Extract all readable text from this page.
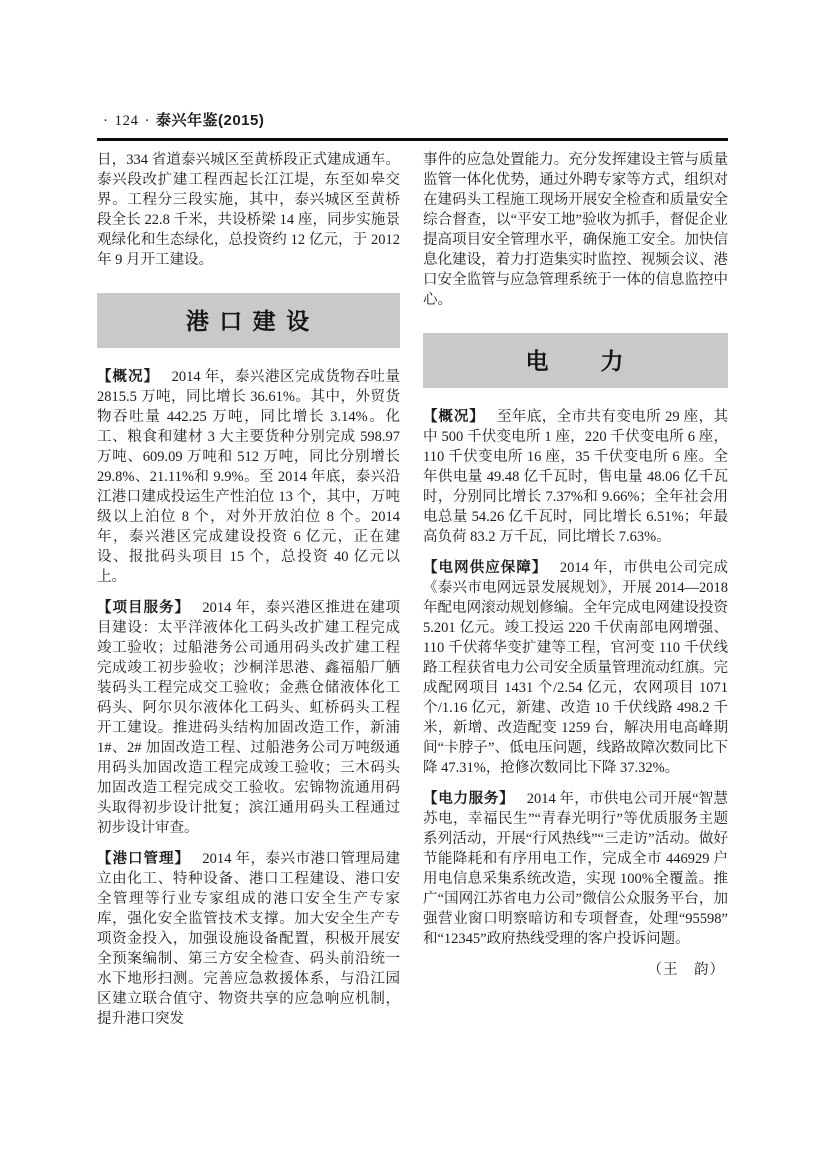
· 124 · 泰兴年鉴(2015)

日，334 省道泰兴城区至黄桥段正式建成通车。泰兴段改扩建工程西起长江江堤，东至如皋交界。工程分三段实施，其中，泰兴城区至黄桥段全长 22.8 千米，共设桥梁 14 座，同步实施景观绿化和生态绿化，总投资约 12 亿元，于 2012 年 9 月开工建设。

港 口 建 设

【概况】 2014 年，泰兴港区完成货物吞吐量 2815.5 万吨，同比增长 36.61%。其中，外贸货物吞吐量 442.25 万吨，同比增长 3.14%。化工、粮食和建材 3 大主要货种分别完成 598.97 万吨、609.09 万吨和 512 万吨，同比分别增长 29.8%、21.11%和 9.9%。至 2014 年底，泰兴沿江港口建成投运生产性泊位 13 个，其中，万吨级以上泊位 8 个，对外开放泊位 8 个。2014 年，泰兴港区完成建设投资 6 亿元，正在建设、报批码头项目 15 个，总投资 40 亿元以上。

【项目服务】 2014 年，泰兴港区推进在建项目建设：太平洋液体化工码头改扩建工程完成竣工验收；过船港务公司通用码头改扩建工程完成竣工初步验收；沙桐洋思港、鑫福船厂舾装码头工程完成交工验收；金燕仓储液体化工码头、阿尔贝尔液体化工码头、虹桥码头工程开工建设。推进码头结构加固改造工作，新浦 1#、2# 加固改造工程、过船港务公司万吨级通用码头加固改造工程完成竣工验收；三木码头加固改造工程完成交工验收。宏锦物流通用码头取得初步设计批复；滨江通用码头工程通过初步设计审查。

【港口管理】 2014 年，泰兴市港口管理局建立由化工、特种设备、港口工程建设、港口安全管理等行业专家组成的港口安全生产专家库，强化安全监管技术支撑。加大安全生产专项资金投入，加强设施设备配置，积极开展安全预案编制、第三方安全检查、码头前沿统一水下地形扫测。完善应急救援体系，与沿江园区建立联合值守、物资共享的应急响应机制，提升港口突发

事件的应急处置能力。充分发挥建设主管与质量监管一体化优势，通过外聘专家等方式，组织对在建码头工程施工现场开展安全检查和质量安全综合督查，以“平安工地”验收为抓手，督促企业提高项目安全管理水平，确保施工安全。加快信息化建设，着力打造集实时监控、视频会议、港口安全监管与应急管理系统于一体的信息监控中心。

电　　力

【概况】 至年底，全市共有变电所 29 座，其中 500 千伏变电所 1 座，220 千伏变电所 6 座，110 千伏变电所 16 座，35 千伏变电所 6 座。全年供电量 49.48 亿千瓦时，售电量 48.06 亿千瓦时，分别同比增长 7.37%和 9.66%；全年社会用电总量 54.26 亿千瓦时，同比增长 6.51%；年最高负荷 83.2 万千瓦，同比增长 7.63%。

【电网供应保障】 2014 年，市供电公司完成《泰兴市电网远景发展规划》，开展 2014—2018 年配电网滚动规划修编。全年完成电网建设投资 5.201 亿元。竣工投运 220 千伏南部电网增强、110 千伏蒋华变扩建等工程，官河变 110 千伏线路工程获省电力公司安全质量管理流动红旗。完成配网项目 1431 个/2.54 亿元，农网项目 1071 个/1.16 亿元，新建、改造 10 千伏线路 498.2 千米，新增、改造配变 1259 台，解决用电高峰期间“卡脖子”、低电压问题，线路故障次数同比下降 47.31%，抢修次数同比下降 37.32%。

【电力服务】 2014 年，市供电公司开展“智慧苏电，幸福民生”“青春光明行”等优质服务主题系列活动，开展“行风热线”“三走访”活动。做好节能降耗和有序用电工作，完成全市 446929 户用电信息采集系统改造，实现 100%全覆盖。推广“国网江苏省电力公司”微信公众服务平台，加强营业窗口明察暗访和专项督查，处理“95598”和“12345”政府热线受理的客户投诉问题。

（王　韵）
